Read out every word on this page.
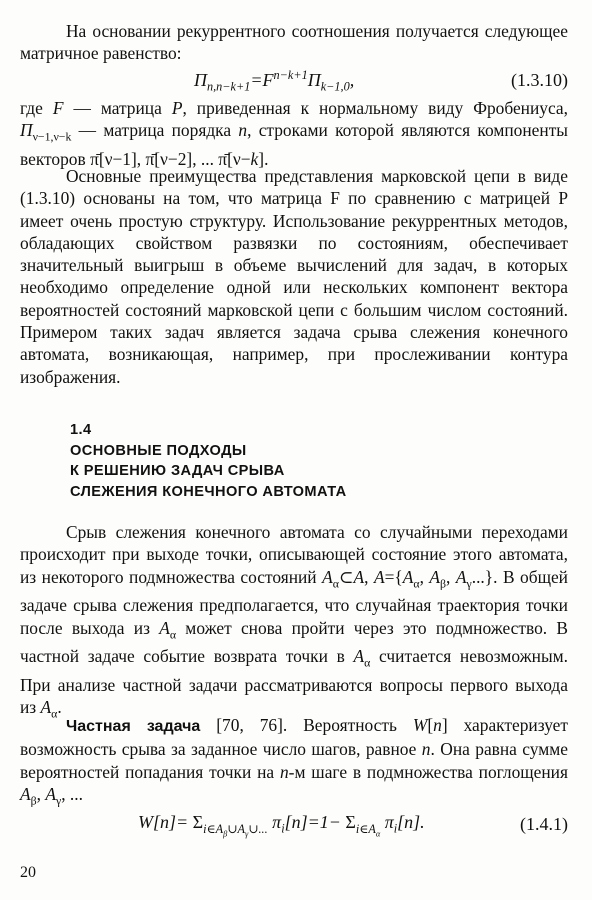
На основании рекуррентного соотношения получается следующее матричное равенство:

$\Pi_{n,n-k+1}=F^{n-k+1}\Pi_{k-1,0}$,	(1.3.10)

где F — матрица P, приведенная к нормальному виду Фробениуса, $\Pi_{\nu-1,\nu-k}$ — матрица порядка n, строками которой являются компоненты векторов π̄[ν−1], π̄[ν−2], ... π̄[ν−k].

Основные преимущества представления марковской цепи в виде (1.3.10) основаны на том, что матрица F по сравнению с матрицей P имеет очень простую структуру. Использование рекуррентных методов, обладающих свойством развязки по состояниям, обеспечивает значительный выигрыш в объеме вычислений для задач, в которых необходимо определение одной или нескольких компонент вектора вероятностей состояний марковской цепи с большим числом состояний. Примером таких задач является задача срыва слежения конечного автомата, возникающая, например, при прослеживании контура изображения.

1.4
ОСНОВНЫЕ ПОДХОДЫ
К РЕШЕНИЮ ЗАДАЧ СРЫВА
СЛЕЖЕНИЯ КОНЕЧНОГО АВТОМАТА

Срыв слежения конечного автомата со случайными переходами происходит при выходе точки, описывающей состояние этого автомата, из некоторого подмножества состояний $A_\alpha\subset A$, $A=\{A_\alpha$, $A_\beta$, $A_\gamma$...}. В общей задаче срыва слежения предполагается, что случайная траектория точки после выхода из $A_\alpha$ может снова пройти через это подмножество. В частной задаче событие возврата точки в $A_\alpha$ считается невозможным. При анализе частной задачи рассматриваются вопросы первого выхода из $A_\alpha$.

Частная задача [70, 76]. Вероятность W[n] характеризует возможность срыва за заданное число шагов, равное n. Она равна сумме вероятностей попадания точки на n-м шаге в подмножества поглощения $A_\beta$, $A_\gamma$, ...

$W[n]= \Sigma_{i\in A_\beta\cup A_\gamma\cup...}$ $\pi_i[n]=1- \Sigma_{i\in A_\alpha}$ $\pi_i[n]$.	(1.4.1)
20
